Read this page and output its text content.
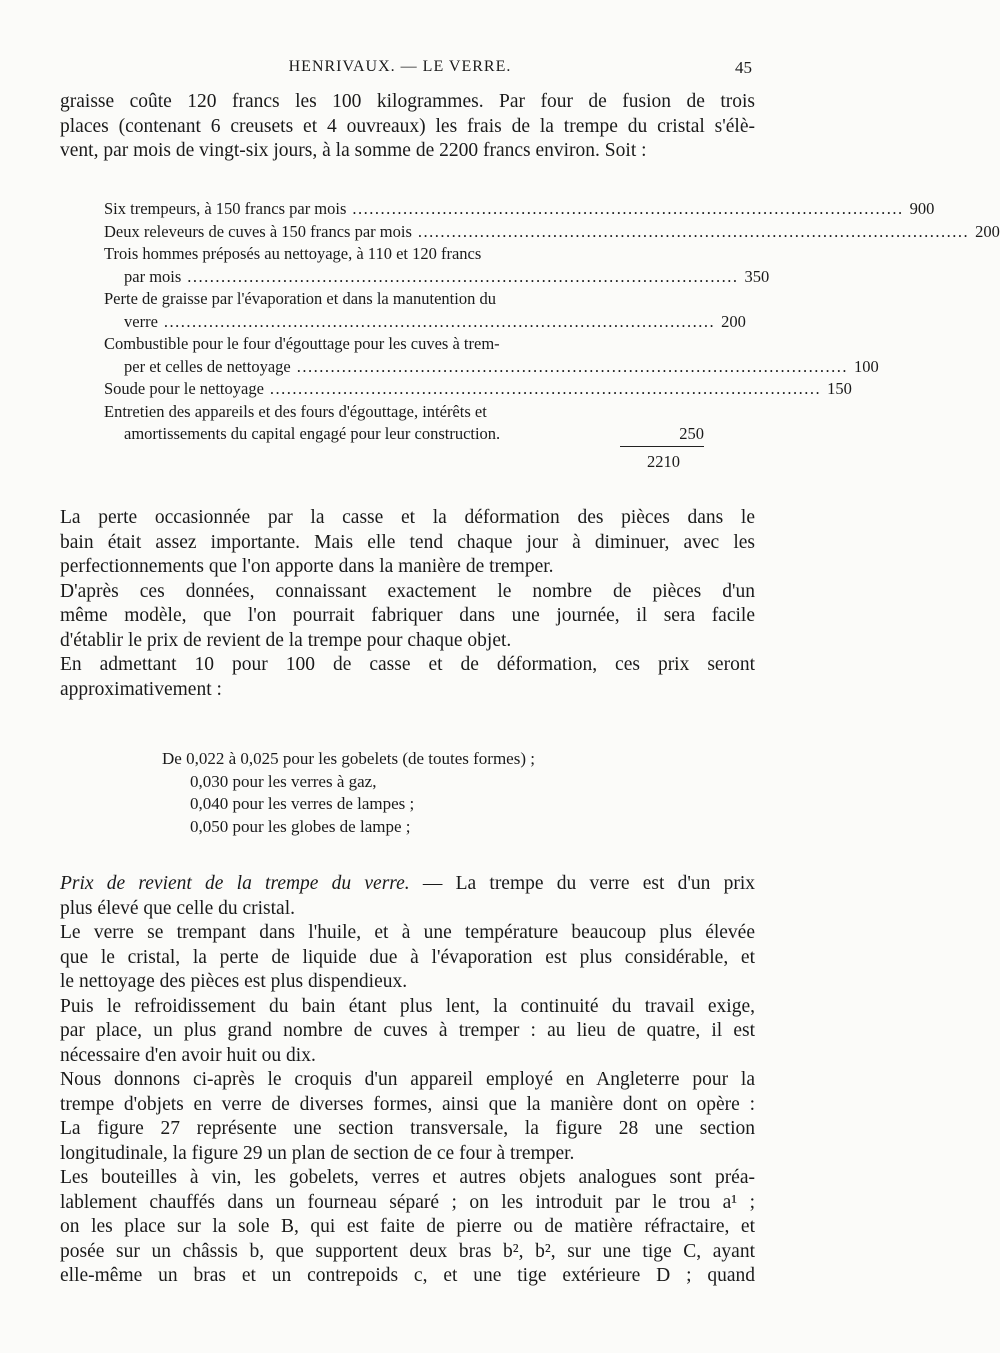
HENRIVAUX. — LE VERRE.	45
graisse coûte 120 francs les 100 kilogrammes. Par four de fusion de trois
places (contenant 6 creusets et 4 ouvreaux) les frais de la trempe du cristal s'élè-
vent, par mois de vingt-six jours, à la somme de 2200 francs environ. Soit :
Six trempeurs, à 150 francs par mois .................................................................................................. 900
Deux releveurs de cuves à 150 francs par mois .................................................................................................. 200
Trois hommes préposés au nettoyage, à 110 et 120 francs
par mois .................................................................................................. 350
Perte de graisse par l'évaporation et dans la manutention du
verre .................................................................................................. 200
Combustible pour le four d'égouttage pour les cuves à trem-
per et celles de nettoyage .................................................................................................. 100
Soude pour le nettoyage .................................................................................................. 150
Entretien des appareils et des fours d'égouttage, intérêts et
amortissements du capital engagé pour leur construction.	250
2210
La perte occasionnée par la casse et la déformation des pièces dans le
bain était assez importante. Mais elle tend chaque jour à diminuer, avec les
perfectionnements que l'on apporte dans la manière de tremper.
D'après ces données, connaissant exactement le nombre de pièces d'un
même modèle, que l'on pourrait fabriquer dans une journée, il sera facile
d'établir le prix de revient de la trempe pour chaque objet.
En admettant 10 pour 100 de casse et de déformation, ces prix seront
approximativement :
De 0,022 à 0,025 pour les gobelets (de toutes formes) ;
0,030 pour les verres à gaz,
0,040 pour les verres de lampes ;
0,050 pour les globes de lampe ;
Prix de revient de la trempe du verre. — La trempe du verre est d'un prix
plus élevé que celle du cristal.
Le verre se trempant dans l'huile, et à une température beaucoup plus élevée
que le cristal, la perte de liquide due à l'évaporation est plus considérable, et
le nettoyage des pièces est plus dispendieux.
Puis le refroidissement du bain étant plus lent, la continuité du travail exige,
par place, un plus grand nombre de cuves à tremper : au lieu de quatre, il est
nécessaire d'en avoir huit ou dix.
Nous donnons ci-après le croquis d'un appareil employé en Angleterre pour la
trempe d'objets en verre de diverses formes, ainsi que la manière dont on opère :
La figure 27 représente une section transversale, la figure 28 une section
longitudinale, la figure 29 un plan de section de ce four à tremper.
Les bouteilles à vin, les gobelets, verres et autres objets analogues sont préa-
lablement chauffés dans un fourneau séparé ; on les introduit par le trou a¹ ;
on les place sur la sole B, qui est faite de pierre ou de matière réfractaire, et
posée sur un châssis b, que supportent deux bras b², b², sur une tige C, ayant
elle-même un bras et un contrepoids c, et une tige extérieure D ; quand
